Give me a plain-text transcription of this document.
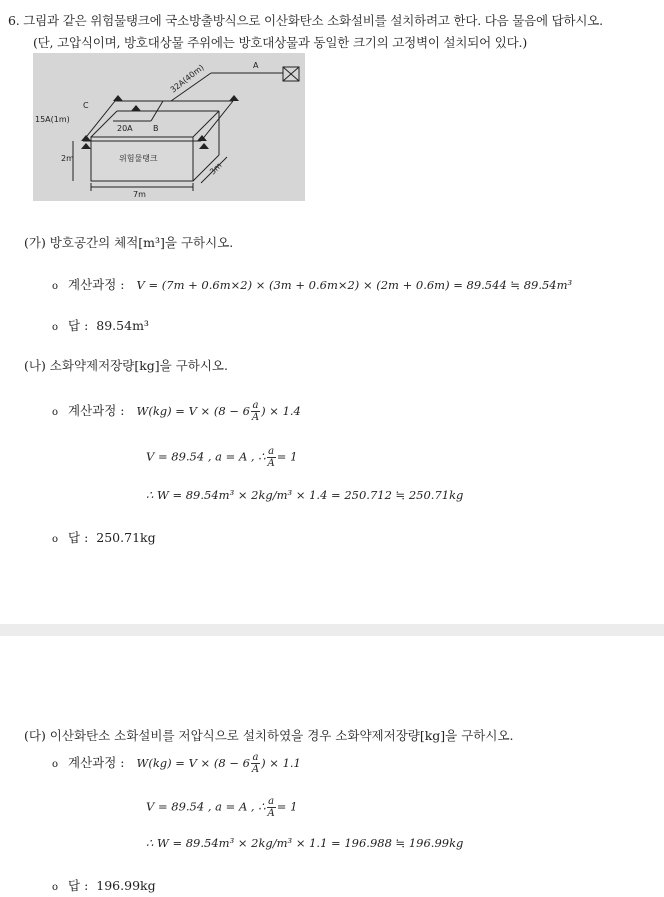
6. 그림과 같은 위험물탱크에 국소방출방식으로 이산화탄소 소화설비를 설치하려고 한다. 다음 물음에 답하시오.
(단, 고압식이며, 방호대상물 주위에는 방호대상물과 동일한 크기의 고정벽이 설치되어 있다.)
15A(1m)
C
20A	B
A
32A(40m)
위험물탱크
2m
7m
3m
(가) 방호공간의 체적[m³]을 구하시오.
o 계산과정 : V = (7m + 0.6m×2) × (3m + 0.6m×2) × (2m + 0.6m) = 89.544 ≒ 89.54m³
o 답 : 89.54m³
(나) 소화약제저장량[kg]을 구하시오.
o 계산과정 : $W(kg) = V \times (8 - 6 \frac{a}{A}$ ) × 1.4
V = 89.54 , a = A , ∴ $\frac{a}{A} = 1$
∴ W = 89.54m³ × 2kg/m³ × 1.4 = 250.712 ≒ 250.71kg
o 답 : 250.71kg
(다) 이산화탄소 소화설비를 저압식으로 설치하였을 경우 소화약제저장량[kg]을 구하시오.
o 계산과정 : $W(kg) = V \times (8 - 6 \frac{a}{A}$ ) × 1.1
V = 89.54 , a = A , ∴ $\frac{a}{A} = 1$
∴ W = 89.54m³ × 2kg/m³ × 1.1 = 196.988 ≒ 196.99kg
o 답 : 196.99kg
